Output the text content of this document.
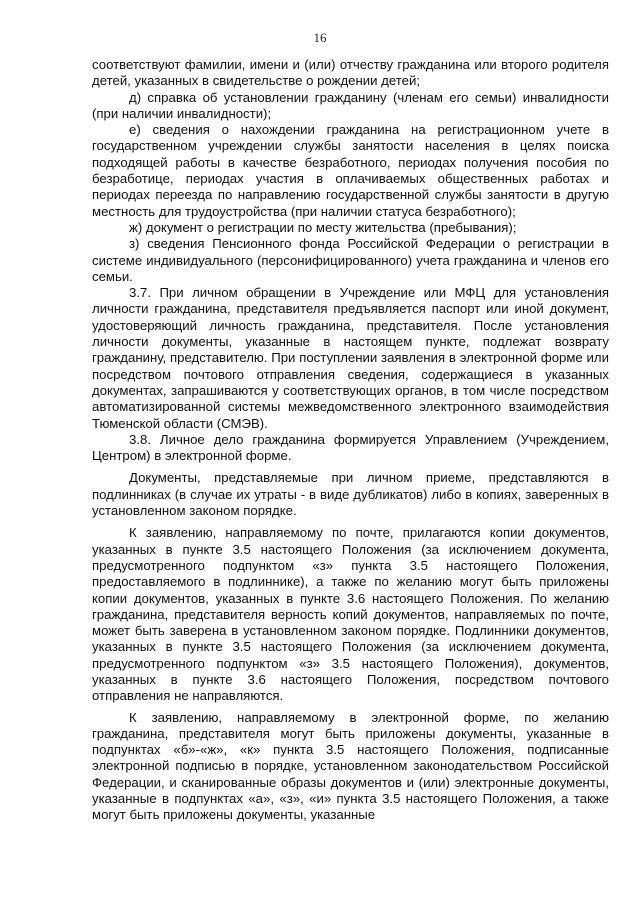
16

соответствуют фамилии, имени и (или) отчеству гражданина или второго родителя детей, указанных в свидетельстве о рождении детей;

д) справка об установлении гражданину (членам его семьи) инвалидности (при наличии инвалидности);

е) сведения о нахождении гражданина на регистрационном учете в государственном учреждении службы занятости населения в целях поиска подходящей работы в качестве безработного, периодах получения пособия по безработице, периодах участия в оплачиваемых общественных работах и периодах переезда по направлению государственной службы занятости в другую местность для трудоустройства (при наличии статуса безработного);

ж) документ о регистрации по месту жительства (пребывания);

з) сведения Пенсионного фонда Российской Федерации о регистрации в системе индивидуального (персонифицированного) учета гражданина и членов его семьи.

3.7. При личном обращении в Учреждение или МФЦ для установления личности гражданина, представителя предъявляется паспорт или иной документ, удостоверяющий личность гражданина, представителя. После установления личности документы, указанные в настоящем пункте, подлежат возврату гражданину, представителю. При поступлении заявления в электронной форме или посредством почтового отправления сведения, содержащиеся в указанных документах, запрашиваются у соответствующих органов, в том числе посредством автоматизированной системы межведомственного электронного взаимодействия Тюменской области (СМЭВ).

3.8. Личное дело гражданина формируется Управлением (Учреждением, Центром) в электронной форме.

Документы, представляемые при личном приеме, представляются в подлинниках (в случае их утраты - в виде дубликатов) либо в копиях, заверенных в установленном законом порядке.

К заявлению, направляемому по почте, прилагаются копии документов, указанных в пункте 3.5 настоящего Положения (за исключением документа, предусмотренного подпунктом «з» пункта 3.5 настоящего Положения, предоставляемого в подлиннике), а также по желанию могут быть приложены копии документов, указанных в пункте 3.6 настоящего Положения. По желанию гражданина, представителя верность копий документов, направляемых по почте, может быть заверена в установленном законом порядке. Подлинники документов, указанных в пункте 3.5 настоящего Положения (за исключением документа, предусмотренного подпунктом «з» 3.5 настоящего Положения), документов, указанных в пункте 3.6 настоящего Положения, посредством почтового отправления не направляются.

К заявлению, направляемому в электронной форме, по желанию гражданина, представителя могут быть приложены документы, указанные в подпунктах «б»-«ж», «к» пункта 3.5 настоящего Положения, подписанные электронной подписью в порядке, установленном законодательством Российской Федерации, и сканированные образы документов и (или) электронные документы, указанные в подпунктах «а», «з», «и» пункта 3.5 настоящего Положения, а также могут быть приложены документы, указанные
